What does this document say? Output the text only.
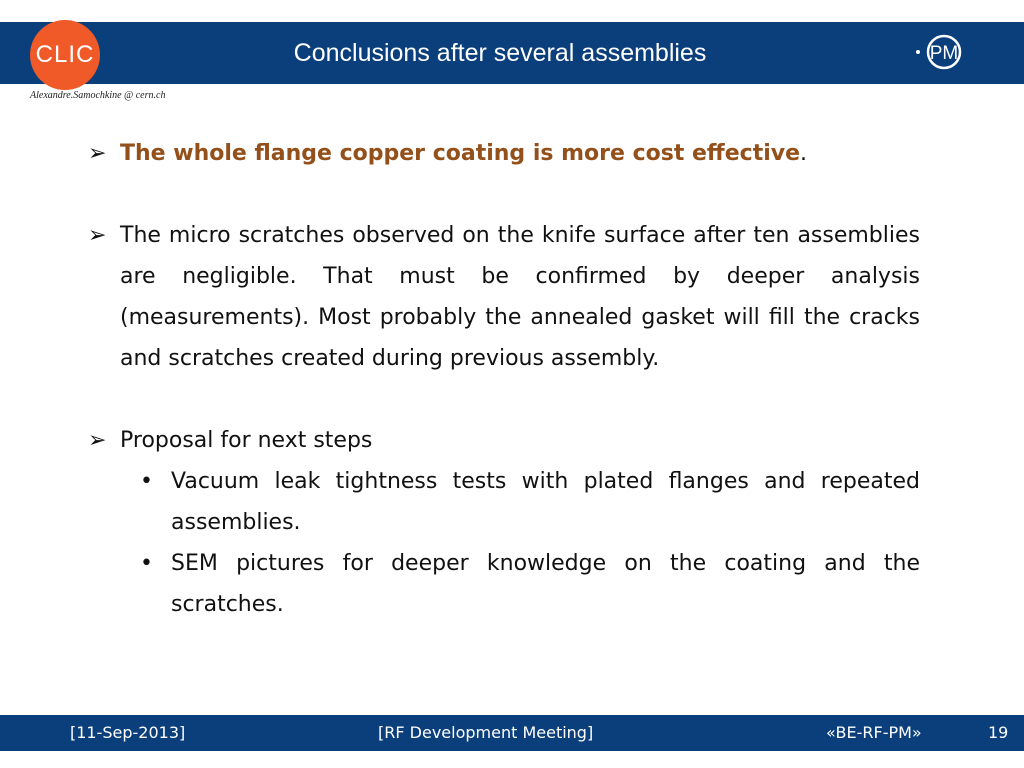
Conclusions after several assemblies	PM
CLIC
Alexandre.Samochkine @ cern.ch
➢ The whole flange copper coating is more cost effective.
➢ The micro scratches observed on the knife surface after ten assemblies are negligible. That must be confirmed by deeper analysis (measurements). Most probably the annealed gasket will fill the cracks and scratches created during previous assembly.
➢ Proposal for next steps
• Vacuum leak tightness tests with plated flanges and repeated assemblies.
• SEM pictures for deeper knowledge on the coating and the scratches.
[11-Sep-2013]	[RF Development Meeting]	«BE-RF-PM»	19
